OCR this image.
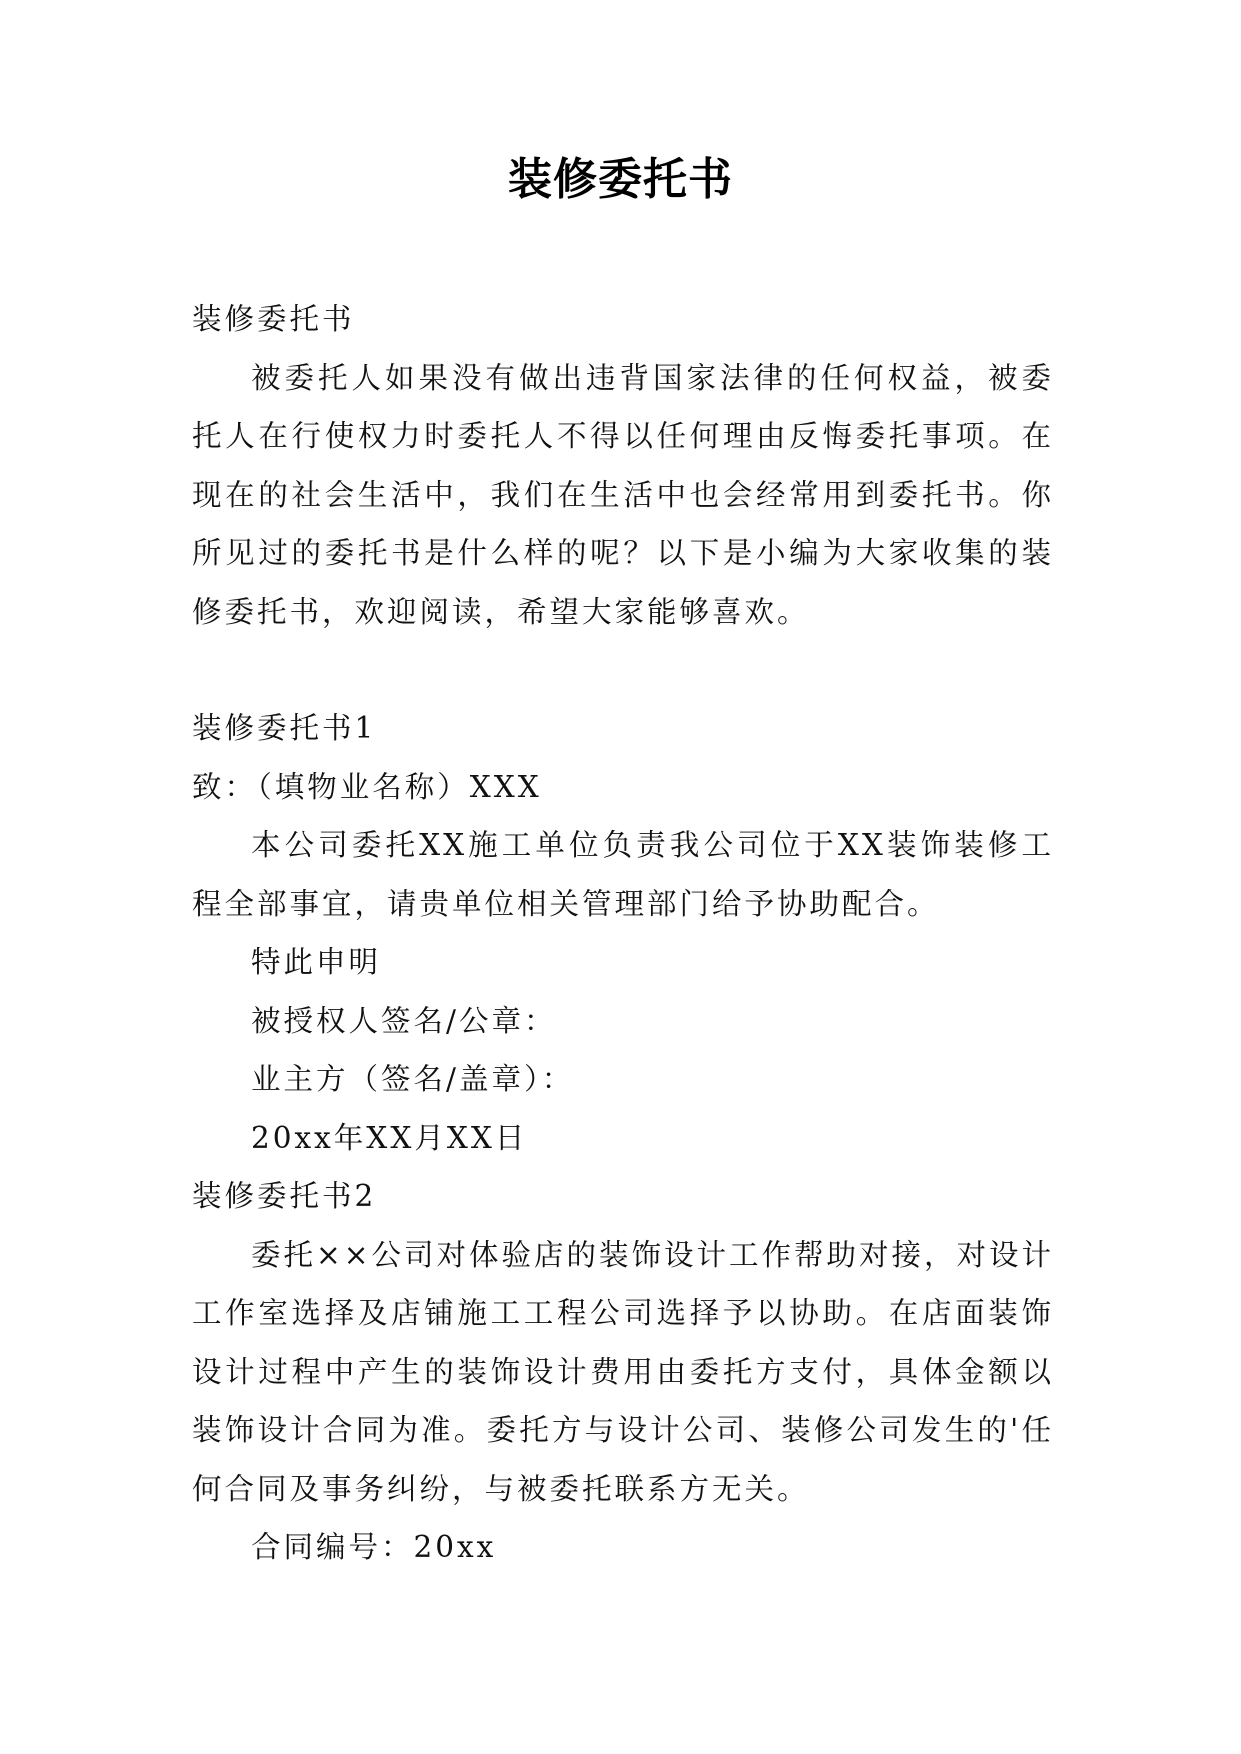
装修委托书

装修委托书

被委托人如果没有做出违背国家法律的任何权益，被委托人在行使权力时委托人不得以任何理由反悔委托事项。在现在的社会生活中，我们在生活中也会经常用到委托书。你所见过的委托书是什么样的呢？以下是小编为大家收集的装修委托书，欢迎阅读，希望大家能够喜欢。

装修委托书1

致：（填物业名称）XXX

本公司委托XX施工单位负责我公司位于XX装饰装修工程全部事宜，请贵单位相关管理部门给予协助配合。

特此申明

被授权人签名/公章：

业主方（签名/盖章）：

20xx年XX月XX日

装修委托书2

委托××公司对体验店的装饰设计工作帮助对接，对设计工作室选择及店铺施工工程公司选择予以协助。在店面装饰设计过程中产生的装饰设计费用由委托方支付，具体金额以装饰设计合同为准。委托方与设计公司、装修公司发生的'任何合同及事务纠纷，与被委托联系方无关。

合同编号：20xx
